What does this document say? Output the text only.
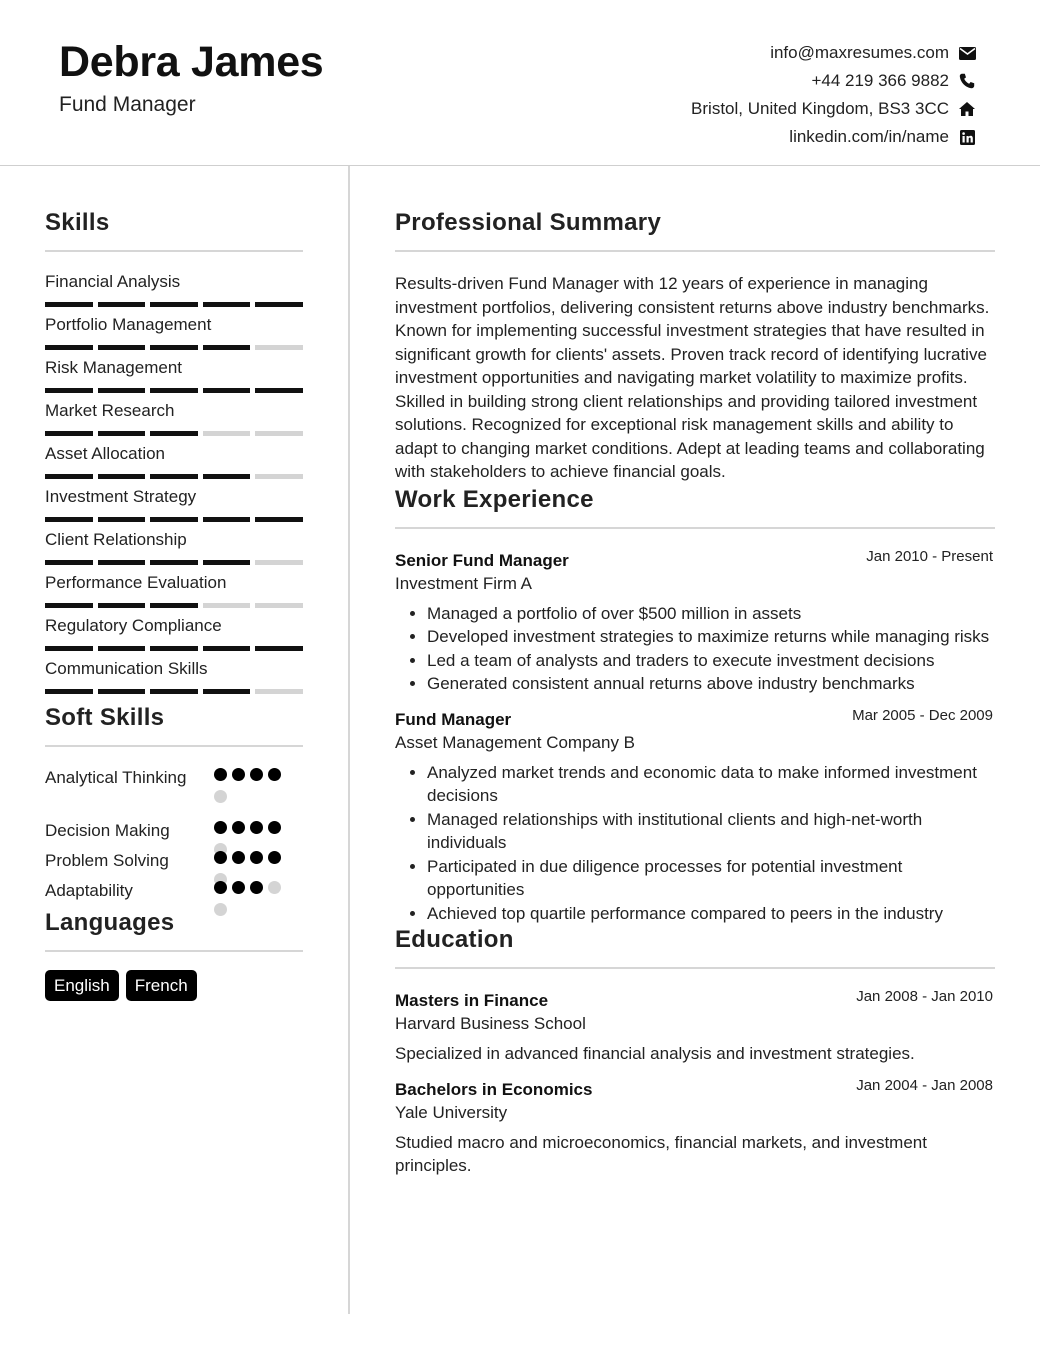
Debra James
Fund Manager
info@maxresumes.com
+44 219 366 9882
Bristol, United Kingdom, BS3 3CC
linkedin.com/in/name
Skills
Financial Analysis
Portfolio Management
Risk Management
Market Research
Asset Allocation
Investment Strategy
Client Relationship
Performance Evaluation
Regulatory Compliance
Communication Skills
Soft Skills
Analytical Thinking
Decision Making
Problem Solving
Adaptability
Languages
English	French
Professional Summary
Results-driven Fund Manager with 12 years of experience in managing investment portfolios, delivering consistent returns above industry benchmarks. Known for implementing successful investment strategies that have resulted in significant growth for clients' assets. Proven track record of identifying lucrative investment opportunities and navigating market volatility to maximize profits. Skilled in building strong client relationships and providing tailored investment solutions. Recognized for exceptional risk management skills and ability to adapt to changing market conditions. Adept at leading teams and collaborating with stakeholders to achieve financial goals.
Work Experience
Senior Fund Manager	Jan 2010 - Present
Investment Firm A
• Managed a portfolio of over $500 million in assets
• Developed investment strategies to maximize returns while managing risks
• Led a team of analysts and traders to execute investment decisions
• Generated consistent annual returns above industry benchmarks
Fund Manager	Mar 2005 - Dec 2009
Asset Management Company B
• Analyzed market trends and economic data to make informed investment decisions
• Managed relationships with institutional clients and high-net-worth individuals
• Participated in due diligence processes for potential investment opportunities
• Achieved top quartile performance compared to peers in the industry
Education
Masters in Finance	Jan 2008 - Jan 2010
Harvard Business School
Specialized in advanced financial analysis and investment strategies.
Bachelors in Economics	Jan 2004 - Jan 2008
Yale University
Studied macro and microeconomics, financial markets, and investment principles.
